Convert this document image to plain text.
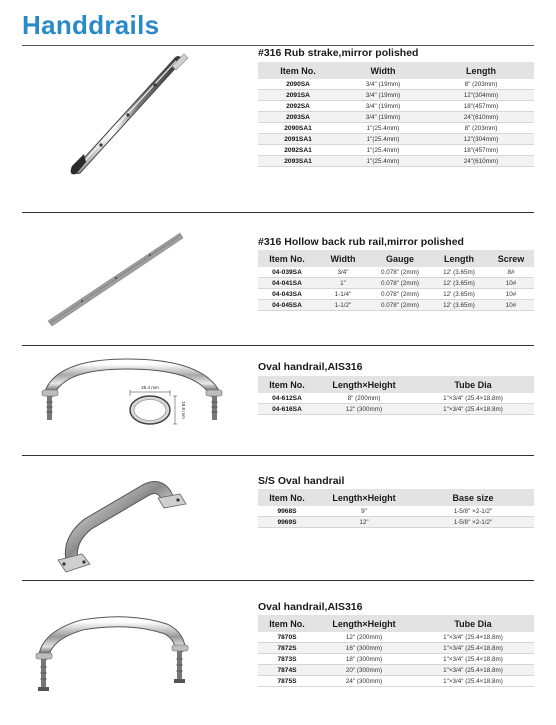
Handdrails
#316 Rub strake,mirror polished
Item No.	Width	Length
2090SA	3/4" (19mm)	8" (203mm)
2091SA	3/4" (19mm)	12"(304mm)
2092SA	3/4" (19mm)	18"(457mm)
2093SA	3/4" (19mm)	24"(610mm)
2090SA1	1"(25.4mm)	8" (203mm)
2091SA1	1"(25.4mm)	12"(304mm)
2092SA1	1"(25.4mm)	18"(457mm)
2093SA1	1"(25.4mm)	24"(610mm)
#316 Hollow back rub rail,mirror polished
Item No.	Width	Gauge	Length	Screw
04-039SA	3/4"	0.078" (2mm)	12' (3.65m)	8#
04-041SA	1"	0.078" (2mm)	12' (3.65m)	10#
04-043SA	1-1/4"	0.078" (2mm)	12' (3.65m)	10#
04-045SA	1-1/2"	0.078" (2mm)	12' (3.65m)	10#
25.4 mm
18.8 mm
Oval handrail,AIS316
Item No.	Length×Height	Tube Dia
04-612SA	8" (200mm)	1"×3/4" (25.4×18.8m)
04-616SA	12" (300mm)	1"×3/4" (25.4×18.8m)
S/S Oval handrail
Item No.	Length×Height	Base size
9968S	9"	1-5/8" ×2-1/2"
9969S	12"	1-5/8" ×2-1/2"
Oval handrail,AIS316
Item No.	Length×Height	Tube Dia
7870S	12" (200mm)	1"×3/4" (25.4×18.8m)
7872S	16" (300mm)	1"×3/4" (25.4×18.8m)
7873S	18" (300mm)	1"×3/4" (25.4×18.8m)
7874S	20" (300mm)	1"×3/4" (25.4×18.8m)
7875S	24" (300mm)	1"×3/4" (25.4×18.8m)
